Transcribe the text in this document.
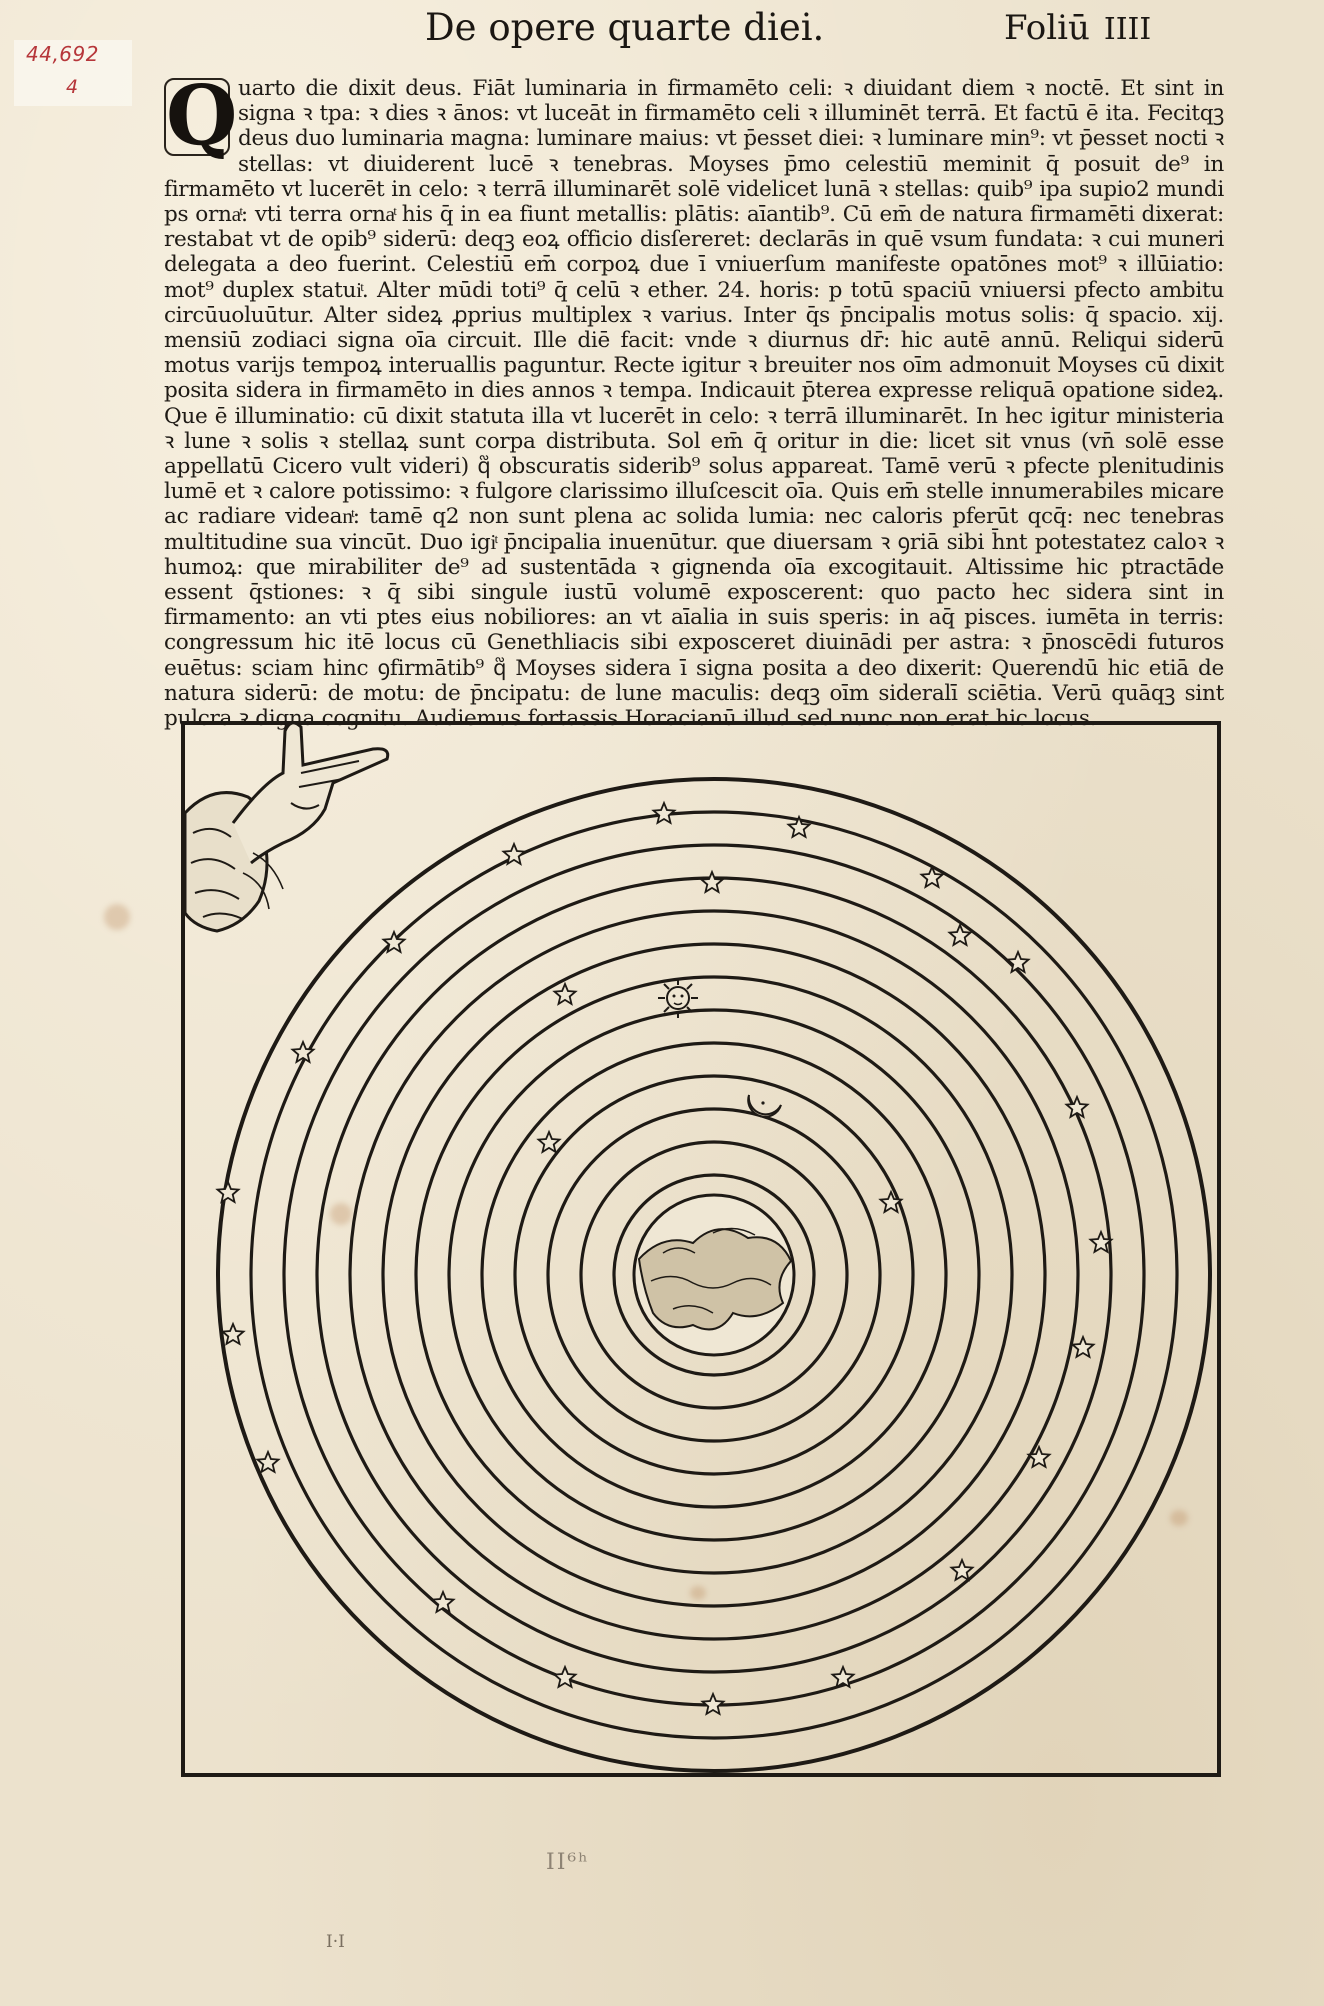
44,692
4
De opere quarte diei.	Foliū IIII
Q uarto die dixit deus. Fiāt luminaria in firmamēto celi: ꝛ diuidant diem ꝛ noctē. Et sint in signa ꝛ tpa: ꝛ dies ꝛ ānos: vt luceāt in firmamēto celi ꝛ illuminēt terrā. Et factū ē ita. Fecitqꝫ deus duo luminaria magna: luminare maius: vt p̄esset diei: ꝛ luminare min⁹: vt p̄esset nocti ꝛ stellas: vt diuiderent lucē ꝛ tenebras. Moyses p̄mo celestiū meminit q̄ posuit de⁹ in firmamēto vt lucerēt in celo: ꝛ terrā illuminarēt solē videlicet lunā ꝛ stellas: quib⁹ ipa supio2 mundi ps ornaͭ: vti terra ornaͭ his q̄ in ea fiunt metallis: plātis: aīantib⁹. Cū em̄ de natura firmamēti dixerat: restabat vt de opib⁹ siderū: deqꝫ eoꝝ officio disſereret: declarās in quē vsum fundata: ꝛ cui muneri delegata a deo fuerint. Celestiū em̄ corpoꝝ due ī vniuerſum manifeste opatōnes mot⁹ ꝛ illūiatio: mot⁹ duplex statuiͭ. Alter mūdi toti⁹ q̄ celū ꝛ ether. 24. horis: p totū spaciū vniuersi pfecto ambitu circūuoluūtur. Alter sideꝝ ꝓprius multiplex ꝛ varius. Inter q̄s p̄ncipalis motus solis: q̄ spacio. xij. mensiū zodiaci signa oīa circuit. Ille diē facit: vnde ꝛ diurnus dr̄: hic autē annū. Reliqui siderū motus varijs tempoꝝ interuallis paguntur. Recte igitur ꝛ breuiter nos oīm admonuit Moyses cū dixit posita sidera in firmamēto in dies annos ꝛ tempa. Indicauit p̄terea expresse reliquā opatione sideꝝ. Que ē illuminatio: cū dixit statuta illa vt lucerēt in celo: ꝛ terrā illuminarēt. In hec igitur ministeria ꝛ lune ꝛ solis ꝛ stellaꝝ sunt corpa distributa. Sol em̄ q̄ oritur in die: licet sit vnus (vn̄ solē esse appellatū Cicero vult videri) q᷑ obscuratis siderib⁹ solus appareat. Tamē verū ꝛ pfecte plenitudinis lumē et ꝛ calore potissimo: ꝛ fulgore clarissimo illuſcescit oīa. Quis em̄ stelle innumerabiles micare ac radiare videanͭ: tamē q2 non sunt plena ac solida lumia: nec caloris pferūt qcq̄: nec tenebras multitudine sua vincūt. Duo igiͭ p̄ncipalia inuenūtur. que diuersam ꝛ ꝯriā sibi h̄nt potestatez caloꝛ ꝛ humoꝝ: que mirabiliter de⁹ ad sustentāda ꝛ gignenda oīa excogitauit. Altissime hic ptractāde essent q̄stiones: ꝛ q̄ sibi singule iustū volumē exposcerent: quo pacto hec sidera sint in firmamento: an vti ptes eius nobiliores: an vt aīalia in suis speris: in aq̄ pisces. iumēta in terris: congressum hic itē locus cū Genethliacis sibi exposceret diuinādi per astra: ꝛ p̄noscēdi futuros euētus: sciam hinc ꝯfirmātib⁹ q᷑ Moyses sidera ī signa posita a deo dixerit: Querendū hic etiā de natura siderū: de motu: de p̄ncipatu: de lune maculis: deqꝫ oīm sideralī sciētia. Verū quāqꝫ sint pulcra ꝛ digna cognitu. Audiemus fortassis Horacianū illud sed nunc non erat hic locus.
II⁶ʰ
I·I
